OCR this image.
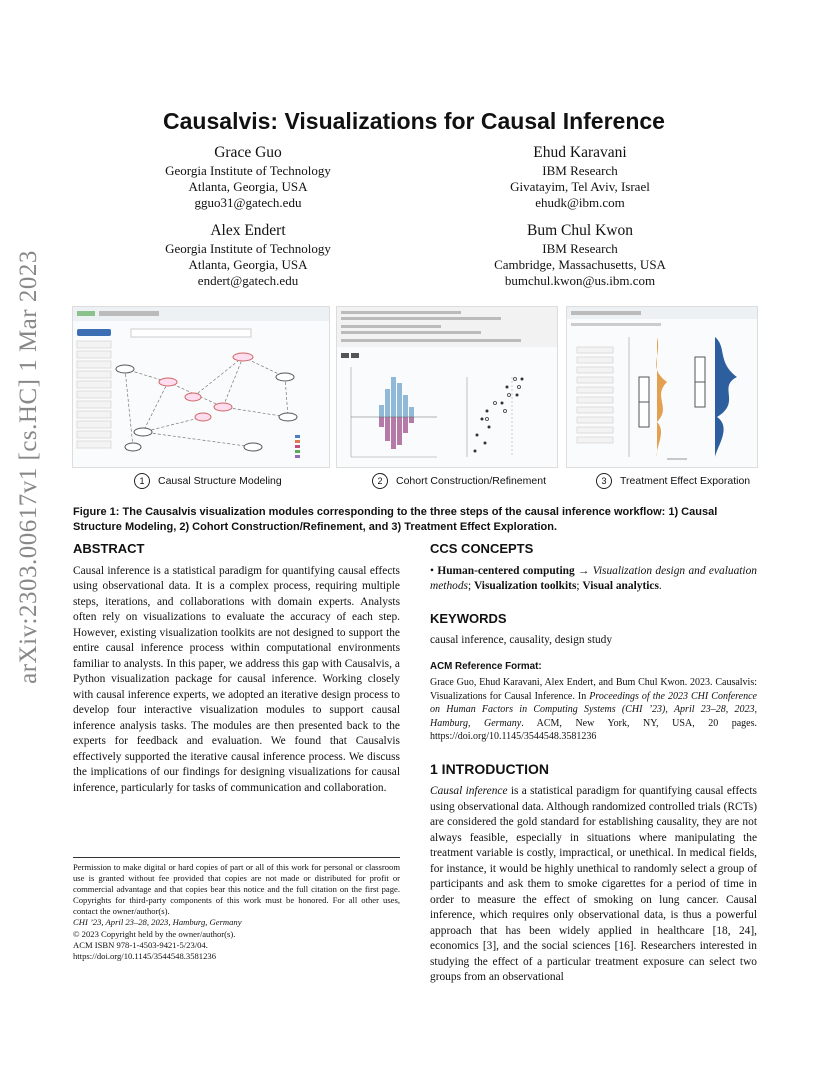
arXiv:2303.00617v1 [cs.HC] 1 Mar 2023
Causalvis: Visualizations for Causal Inference
Grace Guo
Georgia Institute of Technology
Atlanta, Georgia, USA
gguo31@gatech.edu
Ehud Karavani
IBM Research
Givatayim, Tel Aviv, Israel
ehudk@ibm.com
Alex Endert
Georgia Institute of Technology
Atlanta, Georgia, USA
endert@gatech.edu
Bum Chul Kwon
IBM Research
Cambridge, Massachusetts, USA
bumchul.kwon@us.ibm.com
1	Causal Structure Modeling	2	Cohort Construction/Refinement	3	Treatment Effect Exporation
Figure 1: The Causalvis visualization modules corresponding to the three steps of the causal inference workflow: 1) Causal Structure Modeling, 2) Cohort Construction/Refinement, and 3) Treatment Effect Exploration.
ABSTRACT
Causal inference is a statistical paradigm for quantifying causal effects using observational data. It is a complex process, requiring multiple steps, iterations, and collaborations with domain experts. Analysts often rely on visualizations to evaluate the accuracy of each step. However, existing visualization toolkits are not designed to support the entire causal inference process within computational environments familiar to analysts. In this paper, we address this gap with Causalvis, a Python visualization package for causal inference. Working closely with causal inference experts, we adopted an iterative design process to develop four interactive visualization modules to support causal inference analysis tasks. The modules are then presented back to the experts for feedback and evaluation. We found that Causalvis effectively supported the iterative causal inference process. We discuss the implications of our findings for designing visualizations for causal inference, particularly for tasks of communication and collaboration.
CCS CONCEPTS
• Human-centered computing → Visualization design and evaluation methods; Visualization toolkits; Visual analytics.
KEYWORDS
causal inference, causality, design study
ACM Reference Format:
Grace Guo, Ehud Karavani, Alex Endert, and Bum Chul Kwon. 2023. Causalvis: Visualizations for Causal Inference. In Proceedings of the 2023 CHI Conference on Human Factors in Computing Systems (CHI ’23), April 23–28, 2023, Hamburg, Germany. ACM, New York, NY, USA, 20 pages. https://doi.org/10.1145/3544548.3581236
1 INTRODUCTION
Causal inference is a statistical paradigm for quantifying causal effects using observational data. Although randomized controlled trials (RCTs) are considered the gold standard for establishing causality, they are not always feasible, especially in situations where manipulating the treatment variable is costly, impractical, or unethical. In medical fields, for instance, it would be highly unethical to randomly select a group of participants and ask them to smoke cigarettes for a period of time in order to measure the effect of smoking on lung cancer. Causal inference, which requires only observational data, is thus a powerful approach that has been widely applied in healthcare [18, 24], economics [3], and the social sciences [16]. Researchers interested in studying the effect of a particular treatment exposure can select two groups from an observational
Permission to make digital or hard copies of part or all of this work for personal or classroom use is granted without fee provided that copies are not made or distributed for profit or commercial advantage and that copies bear this notice and the full citation on the first page. Copyrights for third-party components of this work must be honored. For all other uses, contact the owner/author(s).
CHI ’23, April 23–28, 2023, Hamburg, Germany
© 2023 Copyright held by the owner/author(s).
ACM ISBN 978-1-4503-9421-5/23/04.
https://doi.org/10.1145/3544548.3581236
